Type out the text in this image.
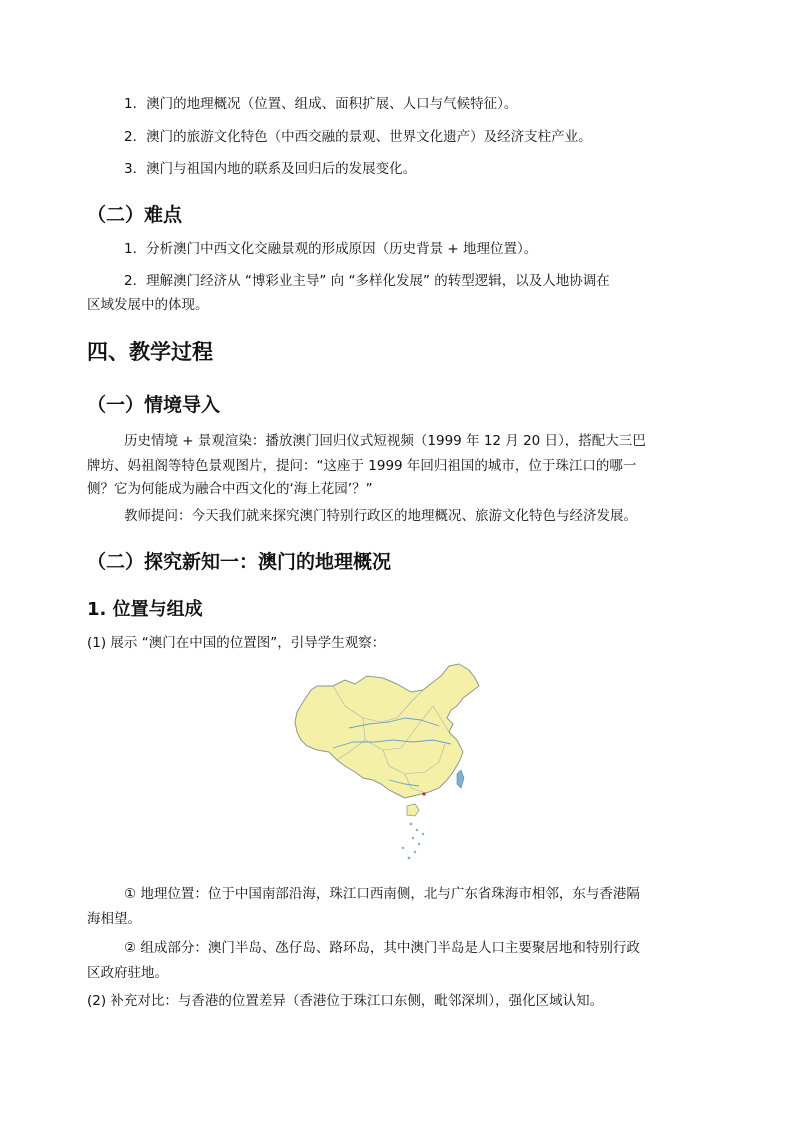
1．澳门的地理概况（位置、组成、面积扩展、人口与气候特征）。
2．澳门的旅游文化特色（中西交融的景观、世界文化遗产）及经济支柱产业。
3．澳门与祖国内地的联系及回归后的发展变化。
（二）难点
1．分析澳门中西文化交融景观的形成原因（历史背景 + 地理位置）。
2．理解澳门经济从 “博彩业主导” 向 “多样化发展” 的转型逻辑，以及人地协调在
区域发展中的体现。
四、教学过程
（一）情境导入
历史情境 + 景观渲染：播放澳门回归仪式短视频（1999 年 12 月 20 日），搭配大三巴
牌坊、妈祖阁等特色景观图片，提问：“这座于 1999 年回归祖国的城市，位于珠江口的哪一
侧？它为何能成为融合中西文化的‘海上花园’？”
教师提问：今天我们就来探究澳门特别行政区的地理概况、旅游文化特色与经济发展。
（二）探究新知一：澳门的地理概况
1. 位置与组成
(1) 展示 “澳门在中国的位置图”，引导学生观察：
① 地理位置：位于中国南部沿海，珠江口西南侧，北与广东省珠海市相邻，东与香港隔
海相望。
② 组成部分：澳门半岛、氹仔岛、路环岛，其中澳门半岛是人口主要聚居地和特别行政
区政府驻地。
(2) 补充对比：与香港的位置差异（香港位于珠江口东侧，毗邻深圳），强化区域认知。
